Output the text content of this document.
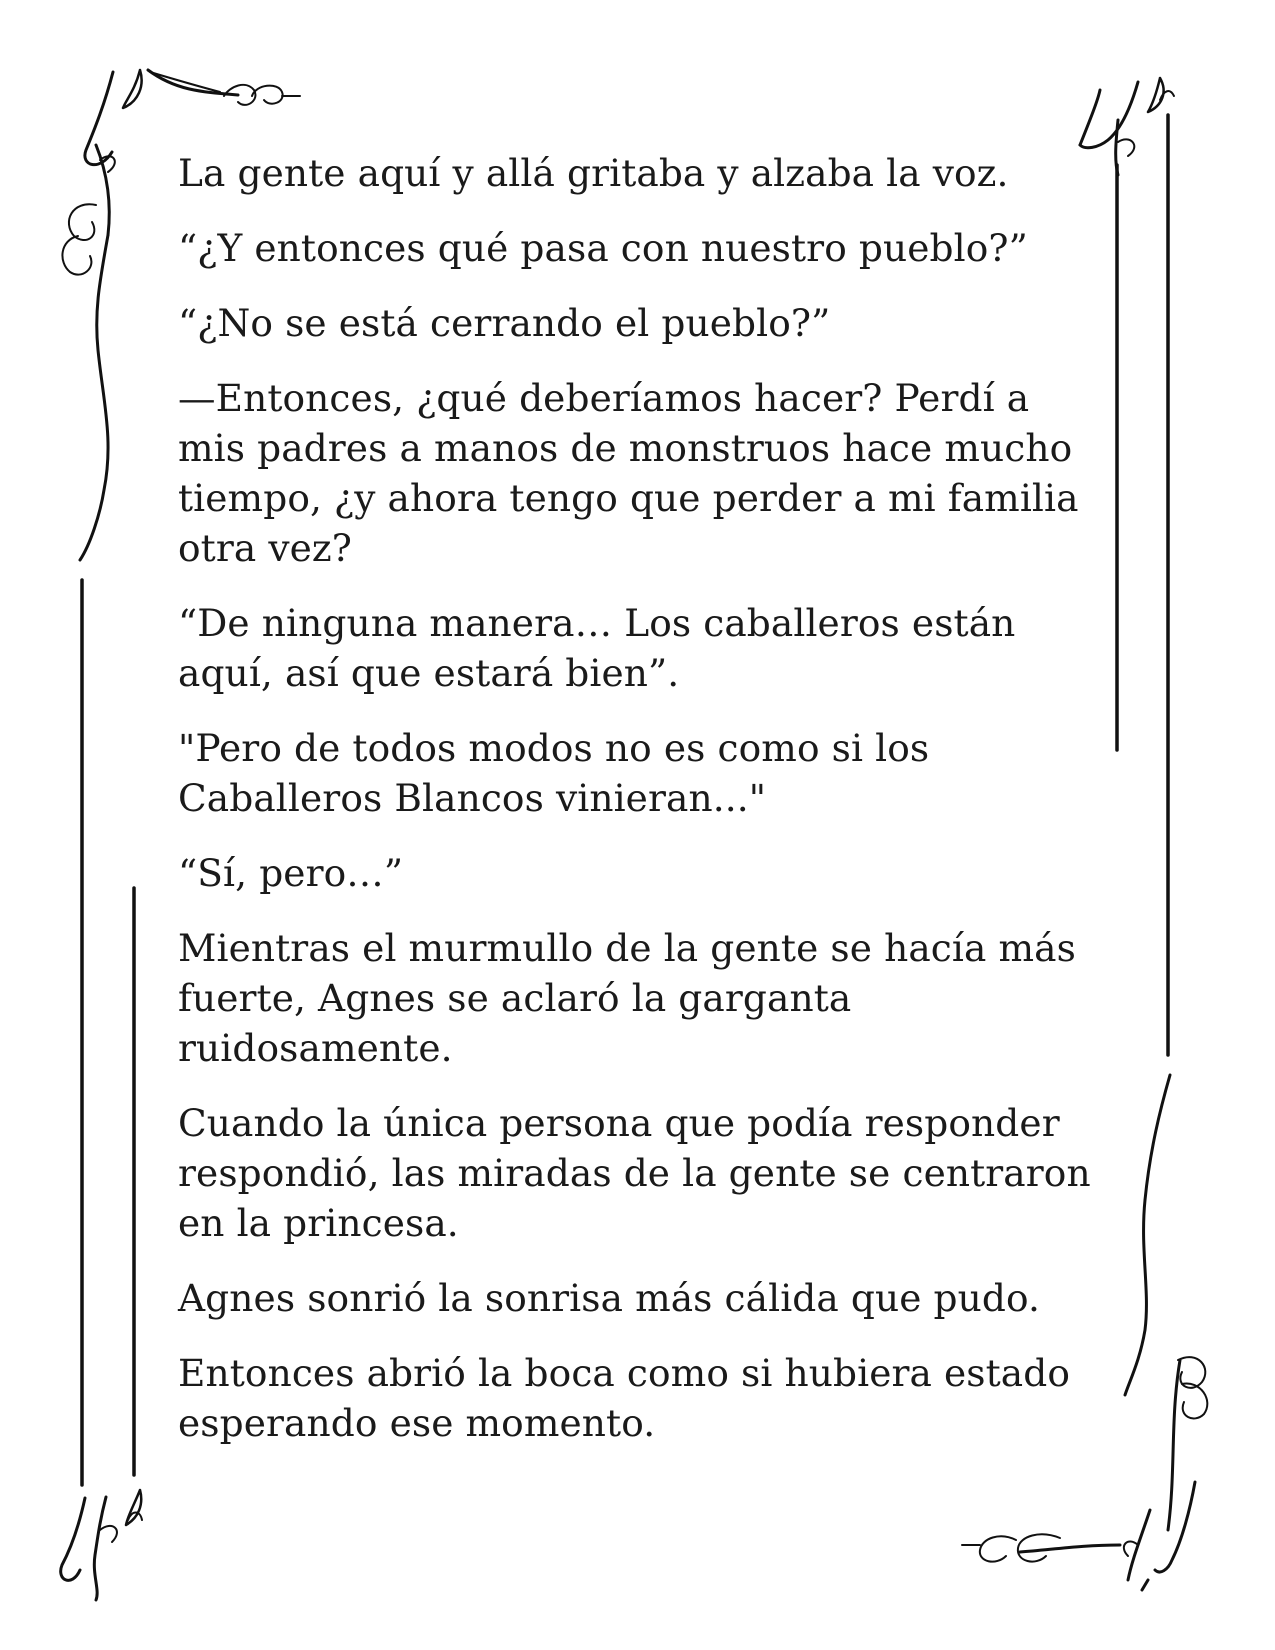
La gente aquí y allá gritaba y alzaba la voz.

“¿Y entonces qué pasa con nuestro pueblo?”

“¿No se está cerrando el pueblo?”

—Entonces, ¿qué deberíamos hacer? Perdí a
mis padres a manos de monstruos hace mucho
tiempo, ¿y ahora tengo que perder a mi familia
otra vez?

“De ninguna manera… Los caballeros están
aquí, así que estará bien”.

"Pero de todos modos no es como si los
Caballeros Blancos vinieran..."

“Sí, pero…”

Mientras el murmullo de la gente se hacía más
fuerte, Agnes se aclaró la garganta
ruidosamente.

Cuando la única persona que podía responder
respondió, las miradas de la gente se centraron
en la princesa.

Agnes sonrió la sonrisa más cálida que pudo.

Entonces abrió la boca como si hubiera estado
esperando ese momento.
